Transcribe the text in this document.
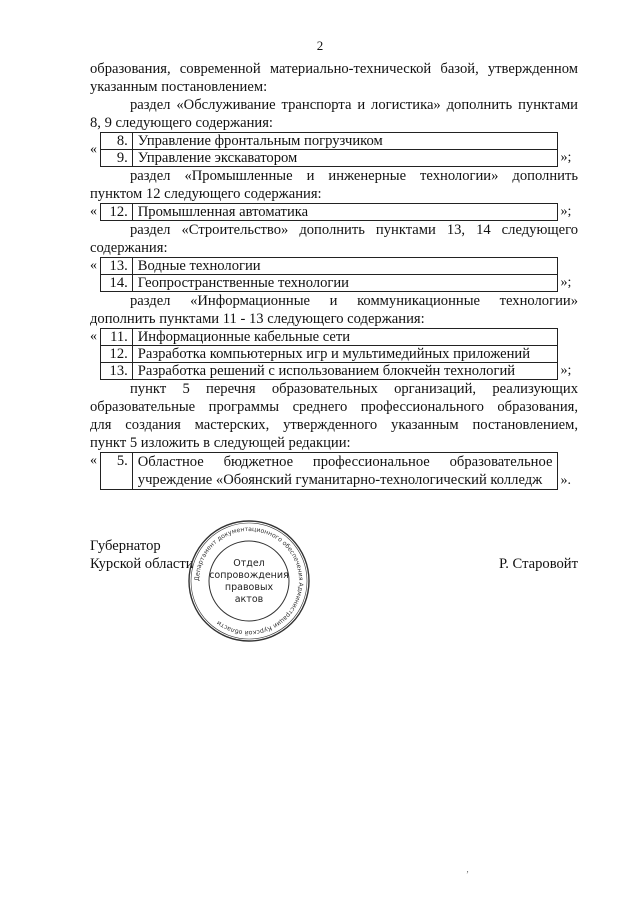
2

образования, современной материально-технической базой, утвержденном

указанным постановлением:

раздел «Обслуживание транспорта и логистика» дополнить пунктами

8, 9 следующего содержания:

« 8.	Управление фронтальным погрузчиком
9.	Управление экскаватором	»;

раздел «Промышленные и инженерные технологии» дополнить

пунктом 12 следующего содержания:

« 12.	Промышленная автоматика	»;

раздел «Строительство» дополнить пунктами 13, 14 следующего

содержания:

« 13.	Водные технологии
14.	Геопространственные технологии	»;

раздел «Информационные и коммуникационные технологии»

дополнить пунктами 11 - 13 следующего содержания:

« 11.	Информационные кабельные сети
12.	Разработка компьютерных игр и мультимедийных приложений
13.	Разработка решений с использованием блокчейн технологий	»;

пункт 5 перечня образовательных организаций, реализующих

образовательные программы среднего профессионального образования,

для создания мастерских, утвержденного указанным постановлением,

пункт 5 изложить в следующей редакции:

« 5.	Областное бюджетное профессиональное образовательное
учреждение «Обоянский гуманитарно-технологический колледж	».
Губернатор
Курской области	Р. Старовойт
Департамент документационного обеспечения Администрации Курской области
Отдел
сопровождения
правовых
актов
‚
